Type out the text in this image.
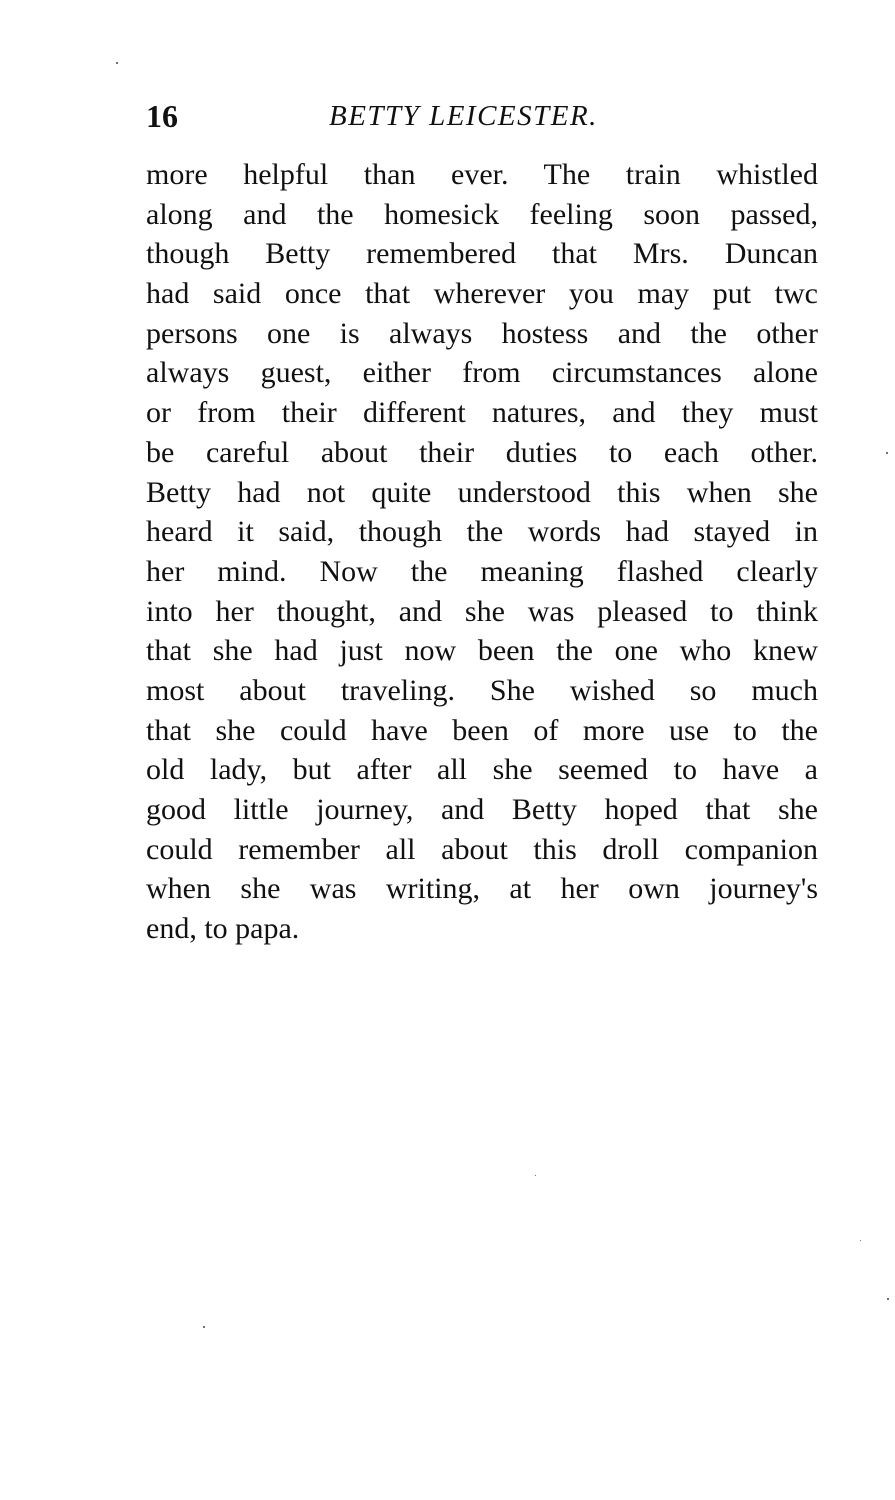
16	BETTY LEICESTER.
more helpful than ever. The train whistled
along and the homesick feeling soon passed,
though Betty remembered that Mrs. Duncan
had said once that wherever you may put twc
persons one is always hostess and the other
always guest, either from circumstances alone
or from their different natures, and they must
be careful about their duties to each other.
Betty had not quite understood this when she
heard it said, though the words had stayed in
her mind. Now the meaning flashed clearly
into her thought, and she was pleased to think
that she had just now been the one who knew
most about traveling. She wished so much
that she could have been of more use to the
old lady, but after all she seemed to have a
good little journey, and Betty hoped that she
could remember all about this droll companion
when she was writing, at her own journey's
end, to papa.
